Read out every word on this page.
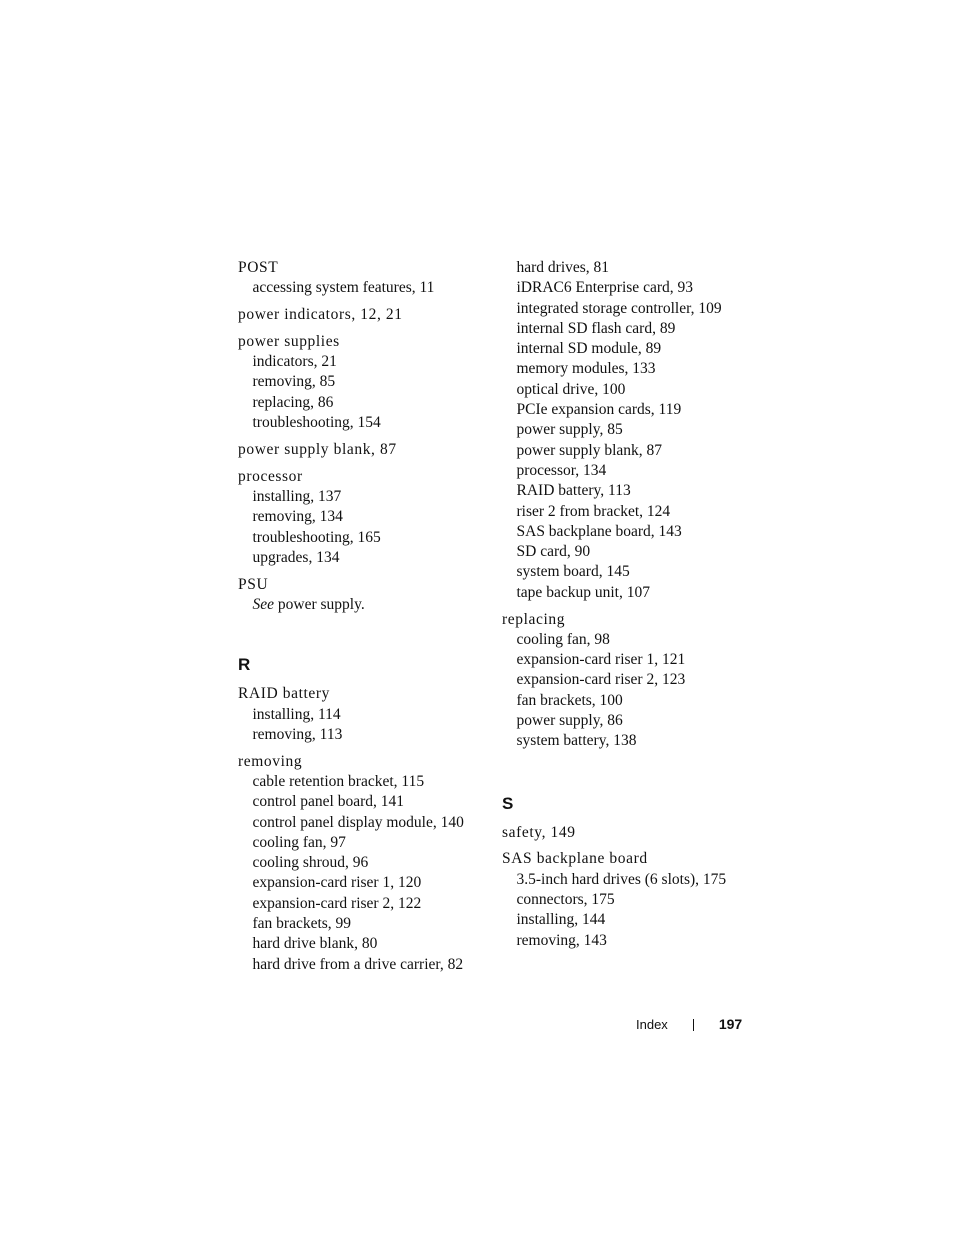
POST
accessing system features, 11
power indicators, 12, 21
power supplies
indicators, 21
removing, 85
replacing, 86
troubleshooting, 154
power supply blank, 87
processor
installing, 137
removing, 134
troubleshooting, 165
upgrades, 134
PSU
See power supply.
R
RAID battery
installing, 114
removing, 113
removing
cable retention bracket, 115
control panel board, 141
control panel display module, 140
cooling fan, 97
cooling shroud, 96
expansion-card riser 1, 120
expansion-card riser 2, 122
fan brackets, 99
hard drive blank, 80
hard drive from a drive carrier, 82
hard drives, 81
iDRAC6 Enterprise card, 93
integrated storage controller, 109
internal SD flash card, 89
internal SD module, 89
memory modules, 133
optical drive, 100
PCIe expansion cards, 119
power supply, 85
power supply blank, 87
processor, 134
RAID battery, 113
riser 2 from bracket, 124
SAS backplane board, 143
SD card, 90
system board, 145
tape backup unit, 107
replacing
cooling fan, 98
expansion-card riser 1, 121
expansion-card riser 2, 123
fan brackets, 100
power supply, 86
system battery, 138
S
safety, 149
SAS backplane board
3.5-inch hard drives (6 slots), 175
connectors, 175
installing, 144
removing, 143
Index	197
